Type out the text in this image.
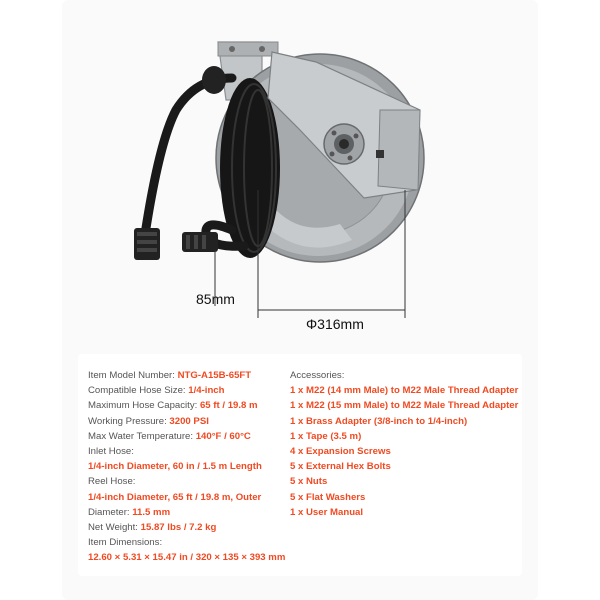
85mm
Φ316mm
Item Model Number: NTG-A15B-65FT
Compatible Hose Size: 1/4-inch
Maximum Hose Capacity: 65 ft / 19.8 m
Working Pressure: 3200 PSI
Max Water Temperature: 140°F / 60°C
Inlet Hose:
1/4-inch Diameter, 60 in / 1.5 m Length
Reel Hose:
1/4-inch Diameter, 65 ft / 19.8 m, Outer
Diameter: 11.5 mm
Net Weight: 15.87 lbs / 7.2 kg
Item Dimensions:
12.60 × 5.31 × 15.47 in / 320 × 135 × 393 mm
Accessories:
1 x M22 (14 mm Male) to M22 Male Thread Adapter
1 x M22 (15 mm Male) to M22 Male Thread Adapter
1 x Brass Adapter (3/8-inch to 1/4-inch)
1 x Tape (3.5 m)
4 x Expansion Screws
5 x External Hex Bolts
5 x Nuts
5 x Flat Washers
1 x User Manual
